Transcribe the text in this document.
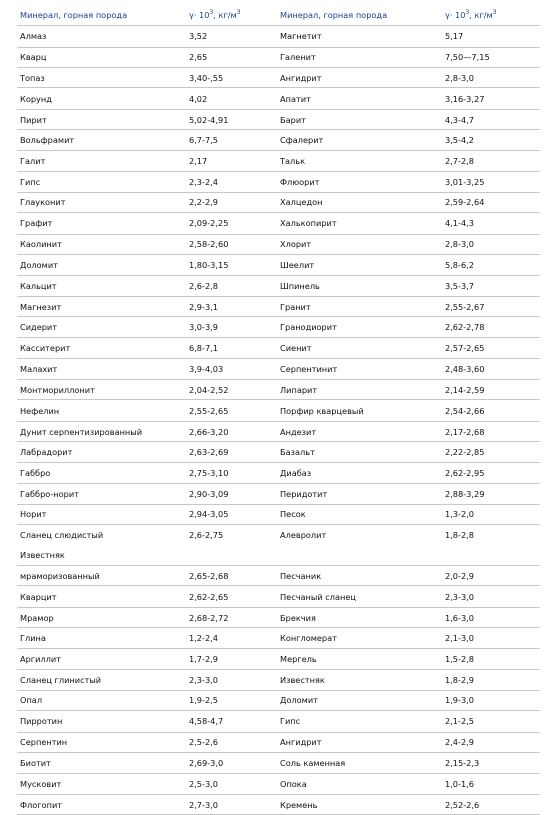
Минерал, горная порода	$\gamma\cdot 10^3$, $кг/м^3$	Минерал, горная порода	$\gamma\cdot 10^3$, $кг/м^3$
Алмаз	3,52	Магнетит	5,17
Кварц	2,65	Галенит	7,50—7,15
Топаз	3,40-,55	Ангидрит	2,8-3,0
Корунд	4,02	Апатит	3,16-3,27
Пирит	5,02-4,91	Барит	4,3-4,7
Вольфрамит	6,7-7,5	Сфалерит	3,5-4,2
Галит	2,17	Тальк	2,7-2,8
Гипс	2,3-2,4	Флюорит	3,01-3,25
Глауконит	2,2-2,9	Халцедон	2,59-2,64
Графит	2,09-2,25	Халькопирит	4,1-4,3
Каолинит	2,58-2,60	Хлорит	2,8-3,0
Доломит	1,80-3,15	Шеелит	5,8-6,2
Кальцит	2,6-2,8	Шпинель	3,5-3,7
Магнезит	2,9-3,1	Гранит	2,55-2,67
Сидерит	3,0-3,9	Гранодиорит	2,62-2,78
Касситерит	6,8-7,1	Сиенит	2,57-2,65
Малахит	3,9-4,03	Серпентинит	2,48-3,60
Монтмориллонит	2,04-2,52	Липарит	2,14-2,59
Нефелин	2,55-2,65	Порфир кварцевый	2,54-2,66
Дунит серпентизированный	2,66-3,20	Андезит	2,17-2,68
Лабрадорит	2,63-2,69	Базальт	2,22-2,85
Габбро	2,75-3,10	Диабаз	2,62-2,95
Габбро-норит	2,90-3,09	Перидотит	2,88-3,29
Норит	2,94-3,05	Песок	1,3-2,0
Сланец слюдистый	2,6-2,75	Алевролит	1,8-2,8
Известняк			
мраморизованный	2,65-2,68	Песчаник	2,0-2,9
Кварцит	2,62-2,65	Песчаный сланец	2,3-3,0
Мрамор	2,68-2,72	Брекчия	1,6-3,0
Глина	1,2-2,4	Конгломерат	2,1-3,0
Аргиллит	1,7-2,9	Мергель	1,5-2,8
Сланец глинистый	2,3-3,0	Известняк	1,8-2,9
Опал	1,9-2,5	Доломит	1,9-3,0
Пирротин	4,58-4,7	Гипс	2,1-2,5
Серпентин	2,5-2,6	Ангидрит	2,4-2,9
Биотит	2,69-3,0	Соль каменная	2,15-2,3
Мусковит	2,5-3,0	Опока	1,0-1,6
Флогопит	2,7-3,0	Кремень	2,52-2,6
